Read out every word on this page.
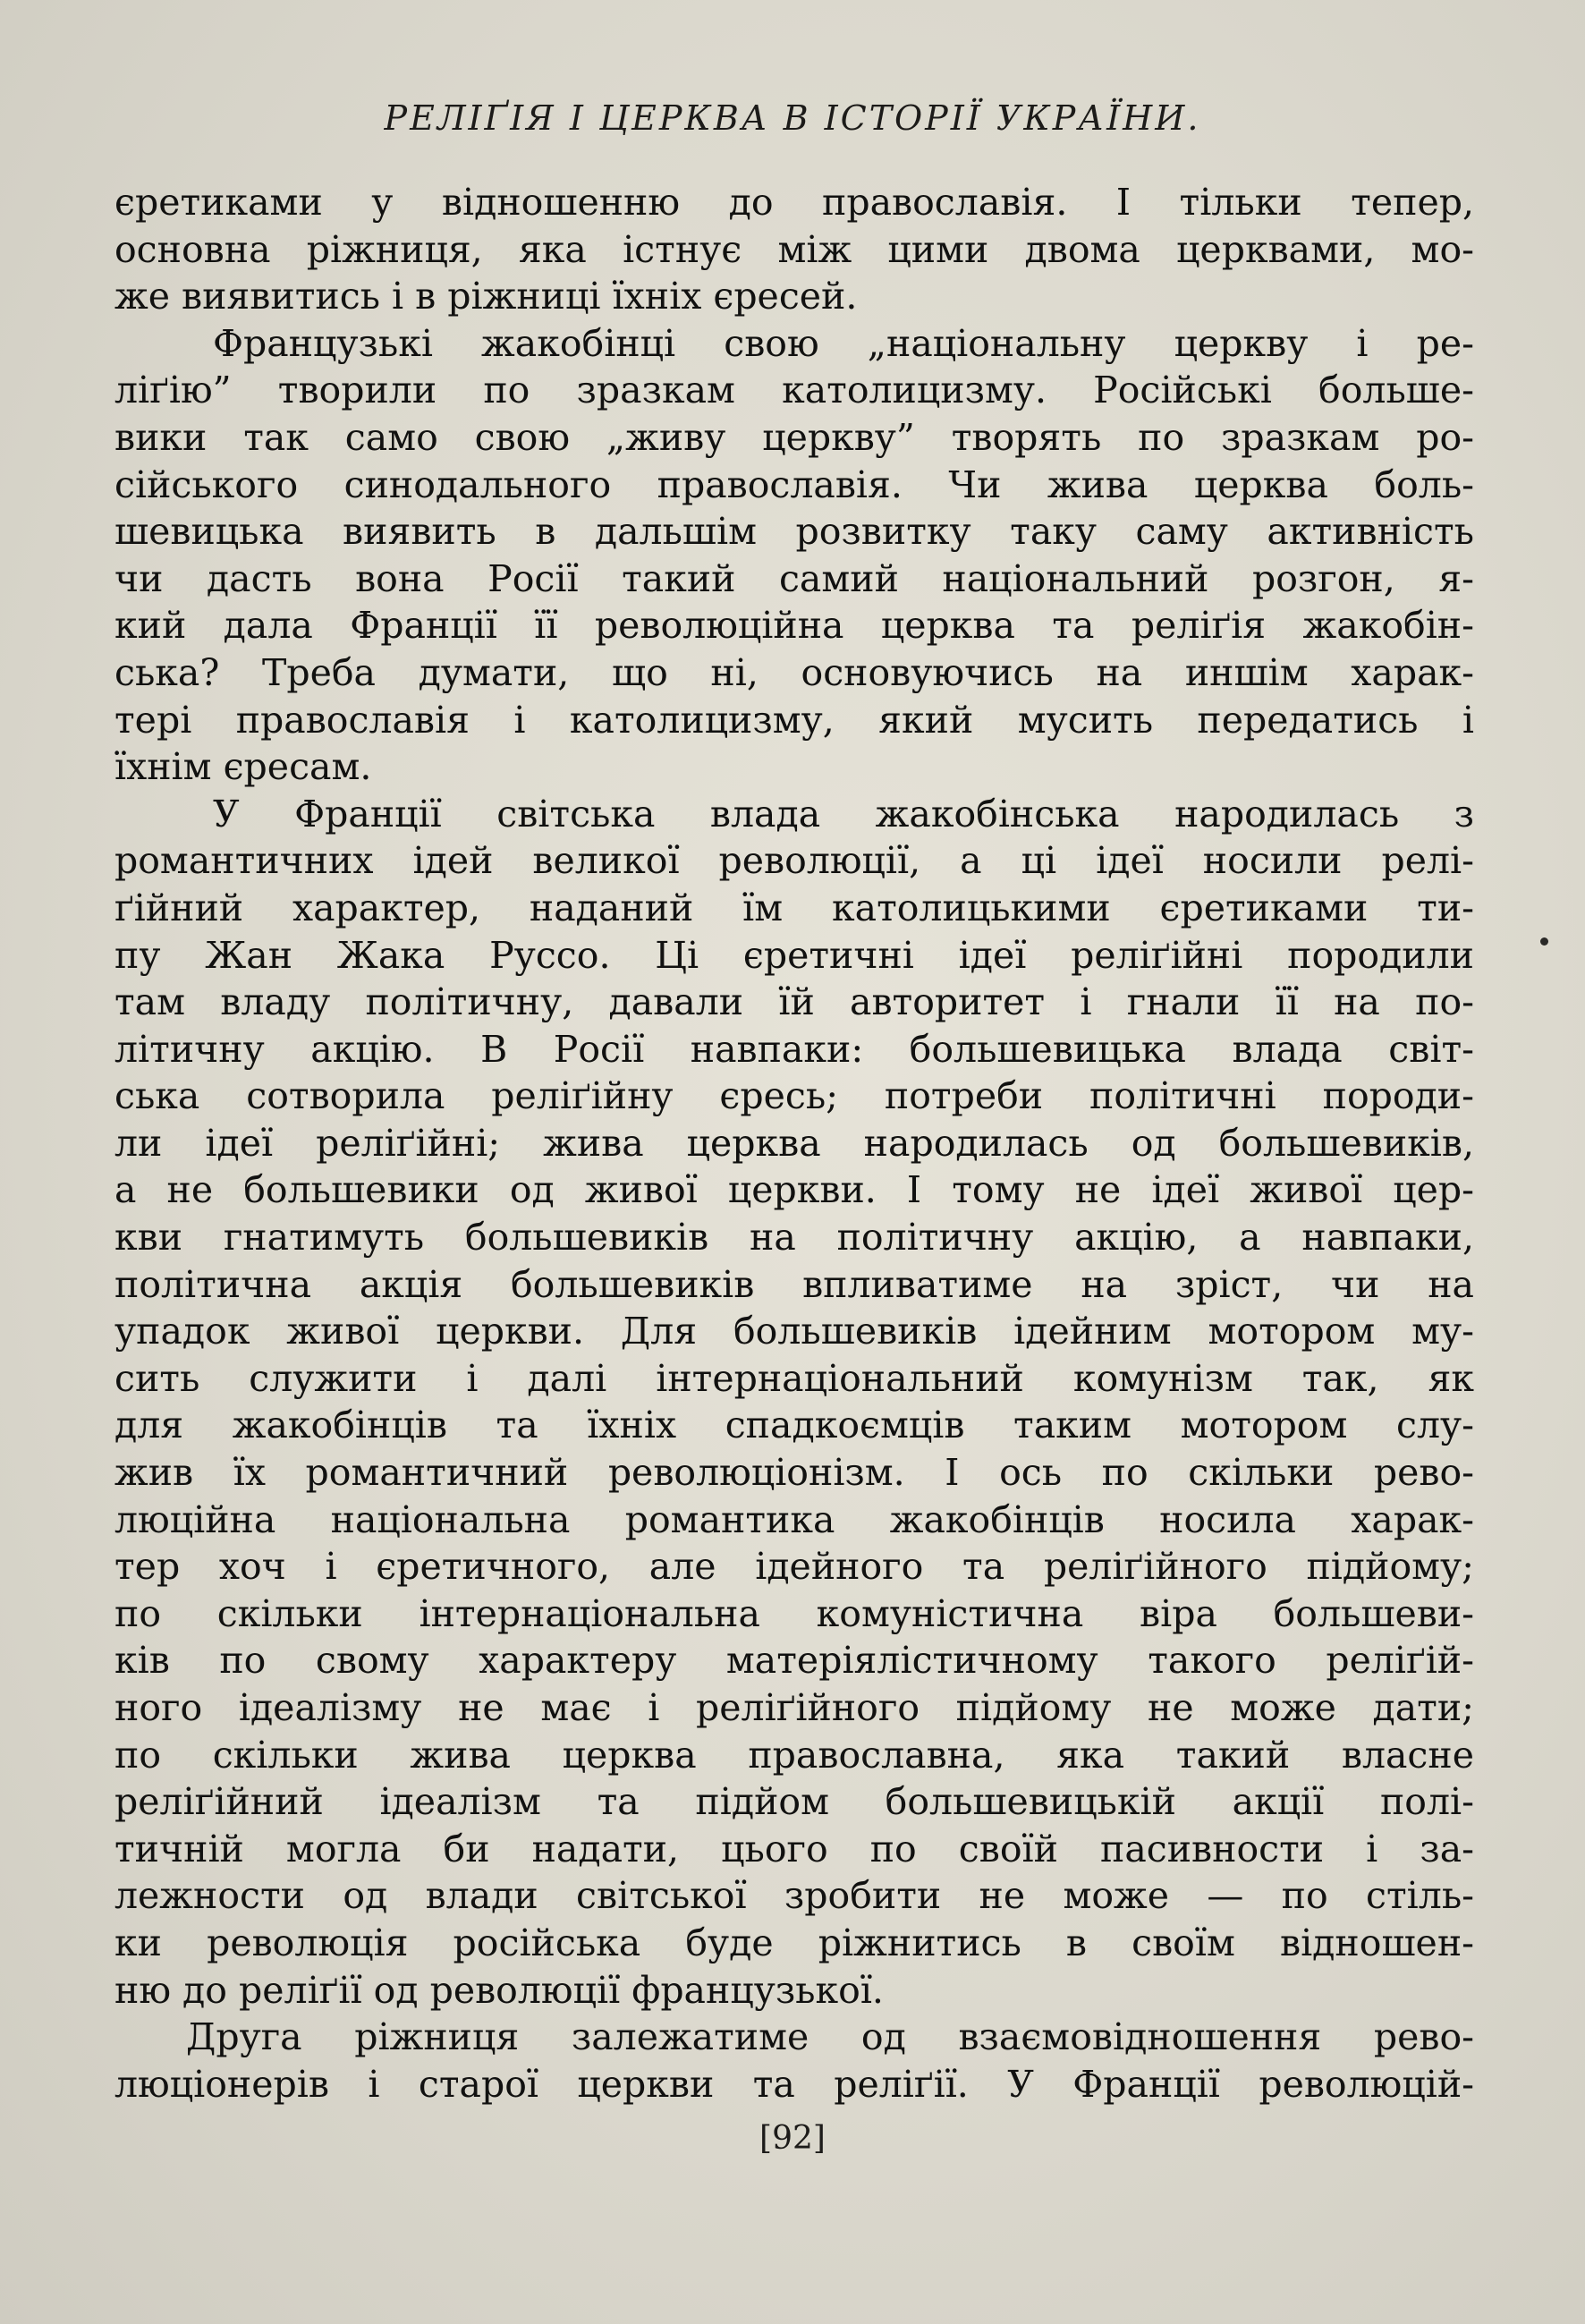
РЕЛІҐІЯ І ЦЕРКВА В ІСТОРІЇ УКРАЇНИ.

єретиками у відношенню до православія. І тільки тепер,
основна ріжниця, яка істнує між цими двома церквами, мо-
же виявитись і в ріжниці їхніх єресей.

Французькі жакобінці свою „національну церкву і ре-
ліґію” творили по зразкам католицизму. Російські больше-
вики так само свою „живу церкву” творять по зразкам ро-
сійського синодального православія. Чи жива церква боль-
шевицька виявить в дальшім розвитку таку саму активність
чи дасть вона Росії такий самий національний розгон, я-
кий дала Франції її революційна церква та реліґія жакобін-
ська? Треба думати, що ні, основуючись на иншім харак-
тері православія і католицизму, який мусить передатись і
їхнім єресам.

У Франції світська влада жакобінська народилась з
романтичних ідей великої революції, а ці ідеї носили релі-
ґійний характер, наданий їм католицькими єретиками ти-
пу Жан Жака Руссо. Ці єретичні ідеї реліґійні породили
там владу політичну, давали їй авторитет і гнали її на по-
літичну акцію. В Росії навпаки: большевицька влада світ-
ська сотворила реліґійну єресь; потреби політичні породи-
ли ідеї реліґійні; жива церква народилась од большевиків,
а не большевики од живої церкви. І тому не ідеї живої цер-
кви гнатимуть большевиків на політичну акцію, а навпаки,
політична акція большевиків впливатиме на зріст, чи на
упадок живої церкви. Для большевиків ідейним мотором му-
сить служити і далі інтернаціональний комунізм так, як
для жакобінців та їхніх спадкоємців таким мотором слу-
жив їх романтичний революціонізм. І ось по скільки рево-
люційна національна романтика жакобінців носила харак-
тер хоч і єретичного, але ідейного та реліґійного підйому;
по скільки інтернаціональна комуністична віра большеви-
ків по свому характеру матеріялістичному такого реліґій-
ного ідеалізму не має і реліґійного підйому не може дати;
по скільки жива церква православна, яка такий власне
реліґійний ідеалізм та підйом большевицькій акції полі-
тичній могла би надати, цього по своїй пасивности і за-
лежности од влади світської зробити не може — по стіль-
ки революція російська буде ріжнитись в своїм відношен-
ню до реліґії од революції французької.

Друга ріжниця залежатиме од взаємовідношення рево-
люціонерів і старої церкви та реліґії. У Франції революцій-

[92]
